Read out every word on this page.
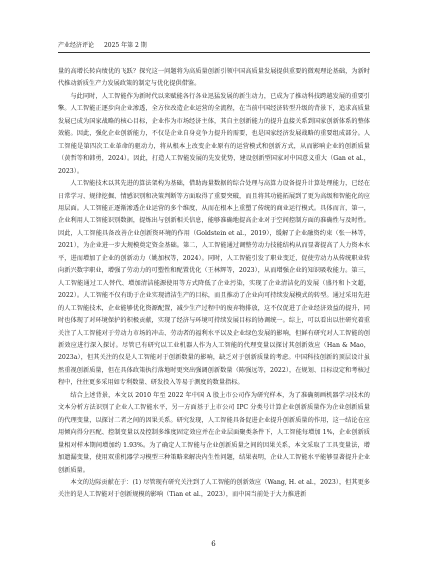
产业经济评论 2025 年第 2 期

量的高增长转向绩优的飞跃？探究这一问题将为高质量创新引领中国高质量发展提供重要的微观理论基础，为新时代推动新质生产力发展政策的制定与优化提供借鉴。

与此同时，人工智能作为新时代以来赋能各行各业迅猛发展的新生动力，已成为了推动科技跨越发展的重要引擎。人工智能正逐步向企业渗透，全方位改造企业运营的全流程，在当前中国经济转型升级的背景下，追求高质量发展已成为国家战略的核心目标，企业作为市场经济主体，其自主创新能力的提升直接关系到国家创新体系的整体效能。因此，强化企业创新能力，不仅是企业自身竞争力提升的需要，也是国家经济发展战略的重要组成部分。人工智能是第四次工业革命的驱动力，将从根本上改变企业原有的运营模式和创新方式，从而影响企业的创新质量（黄哲等和韩勇，2024）。因此，打造人工智能发展的先发优势，建设创新型国家对中国意义重大（Gan et al.，2023）。

人工智能技术以其先进的算法架构为基础，借助海量数据的综合处理与高算力设备提升计算处理能力，已经在日常学习、规律挖掘、情感识别和决策判断等方面取得了重要突破，而且将其功能拓展到了更为高级和智能化的应用层面。人工智能正逐渐渗透企业运营的多个维度，从而在根本上重塑了传统的商业运行模式。具体而言，第一，企业利用人工智能识别数据，提炼出与创新相关信息，能够准确地提高企业对于空间控制方面的准确性与及时性。因此，人工智能具备改善企业创新资环境的作用（Goldstein et al.，2019），缓解了企业融资约束（张一林等，2021），为企业进一步大规模奠定资金基础。第二，人工智能通过调整劳动力技能结构从而显著提高了人力资本水平，进而增加了企业的创新动力（姚加权等，2024）。同时，人工智能引发了职业变迁，促使劳动力从传统职业转向新兴数字职业，增强了劳动力的可塑性和配置优化（王林辉等，2023），从而增强企业的知识吸收能力。第三，人工智能通过工人替代、增加清洁能源使用等方式降低了企业污染，实现了企业清洁化的发展（盛丹和卜文超，2022）。人工智能不仅有助于企业实现清洁生产的目标，而且推动了企业向可持续发展模式的转型。通过采用先进的人工智能技术，企业能够优化资源配置，减少生产过程中的废弃物排放，这不仅促进了企业经济效益的提升，同时也体现了对环境保护的积极贡献，实现了经济与环境可持续发展目标的协调统一。综上，可以看出以往研究着重关注了人工智能对于劳动力市场的冲击、劳动者的福利水平以及企业绿色发展的影响，但鲜有研究对人工智能的创新效应进行深入探讨。尽管已有研究以工业机器人作为人工智能的代理变量以探讨其创新效应（Han & Mao，2023a），但其关注的仅是人工智能对于创新数量的影响，缺乏对于创新质量的考虑。中国科技创新的顶层设计虽然重视创新质量，但在具体政策执行落地时更突出强调创新数量（陈强远等，2022），在规划、目标设定和考核过程中，往往更多采用如专利数量、研发投入等易于测度的数量指标。

结合上述背景，本文以 2010 年至 2022 年中国 A 股上市公司作为研究样本，为了准确刻画机器学习技术的文本分析方法识别了企业人工智能水平，另一方面基于上市公司 IPC 分类号计算企业创新质量作为企业创新质量的代理变量，以探讨二者之间的因果关系。研究发现，人工智能具备促进企业提升创新质量的作用，这一结论在应用倾向得分匹配、控制变量以及控制多维度固定效应并在企业层面聚类条件下，人工智能每增加 1%，企业创新质量相对样本期间增加约 1.93%。为了确定人工智能与企业创新质量之间的因果关系，本文采取了工具变量法，增加遗漏变量，使用双重机器学习模型三种策略来解决内生性问题，结果表明，企业人工智能水平能够显著提升企业创新质量。

本文的边际贡献在于：(1) 尽管现有研究关注到了人工智能的创新效应（Wang, H. et al.，2023），但其更多关注的是人工智能对于创新规模的影响（Tian et al.，2023），而中国当前处于大力推进新

6
